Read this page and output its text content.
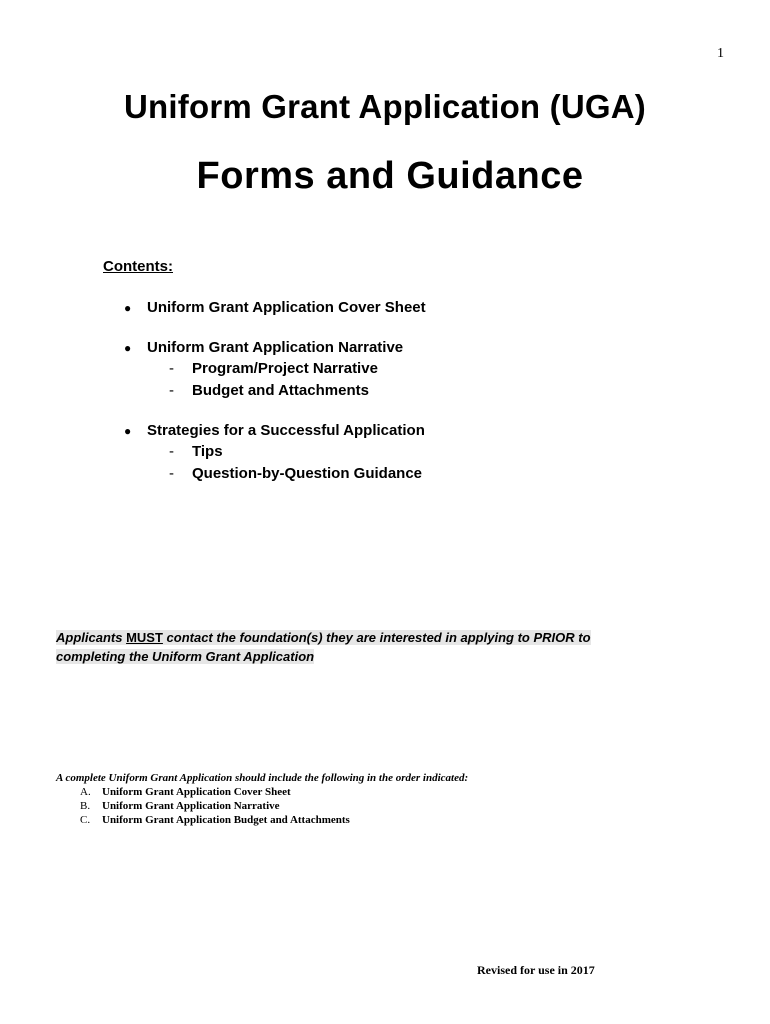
1
Uniform Grant Application (UGA)
Forms and Guidance
Contents:
● Uniform Grant Application Cover Sheet
● Uniform Grant Application Narrative
- Program/Project Narrative
- Budget and Attachments
● Strategies for a Successful Application
- Tips
- Question-by-Question Guidance
Applicants MUST contact the foundation(s) they are interested in applying to PRIOR to
completing the Uniform Grant Application
A complete Uniform Grant Application should include the following in the order indicated:
A. Uniform Grant Application Cover Sheet
B. Uniform Grant Application Narrative
C. Uniform Grant Application Budget and Attachments
Revised for use in 2017
